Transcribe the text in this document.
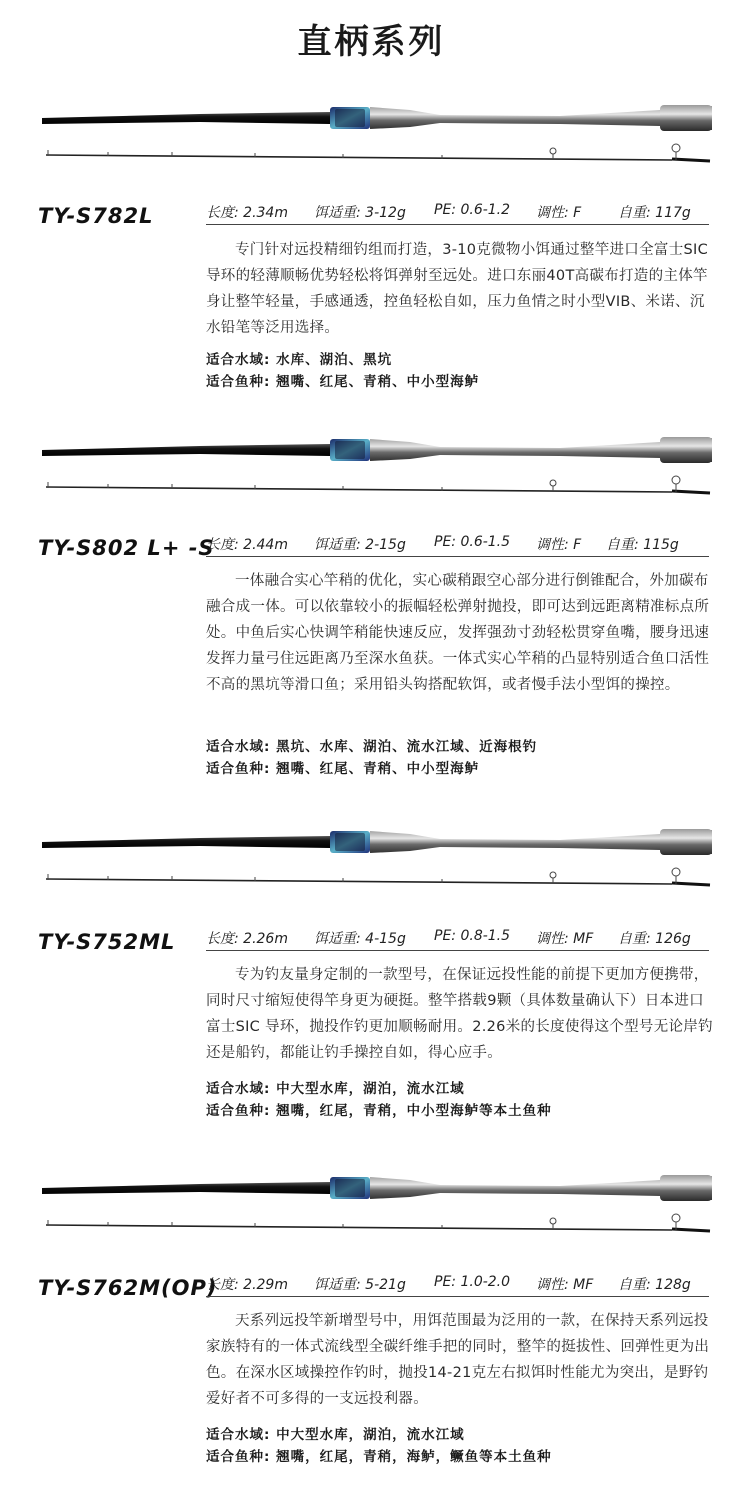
直柄系列
TY-S782L	长度: 2.34m 饵适重: 3-12g PE: 0.6-1.2 调性: F	自重: 117g
专门针对远投精细钓组而打造，3-10克微物小饵通过整竿进口全富士SIC导环的轻薄顺畅优势轻松将饵弹射至远处。进口东丽40T高碳布打造的主体竿身让整竿轻量，手感通透，控鱼轻松自如，压力鱼情之时小型VIB、米诺、沉水铅笔等泛用选择。
适合水域: 水库、湖泊、黑坑
适合鱼种: 翘嘴、红尾、青稍、中小型海鲈
TY-S802 L+ -S
长度: 2.44m 饵适重: 2-15g PE: 0.6-1.5 调性: F 自重: 115g
一体融合实心竿稍的优化，实心碳稍跟空心部分进行倒锥配合，外加碳布融合成一体。可以依靠较小的振幅轻松弹射抛投，即可达到远距离精准标点所处。中鱼后实心快调竿稍能快速反应，发挥强劲寸劲轻松贯穿鱼嘴，腰身迅速发挥力量弓住远距离乃至深水鱼获。一体式实心竿稍的凸显特别适合鱼口活性不高的黑坑等滑口鱼；采用铅头钩搭配软饵，或者慢手法小型饵的操控。
适合水域: 黑坑、水库、湖泊、流水江域、近海根钓
适合鱼种: 翘嘴、红尾、青稍、中小型海鲈
TY-S752ML 长度: 2.26m 饵适重: 4-15g PE: 0.8-1.5 调性: MF 自重: 126g
专为钓友量身定制的一款型号，在保证远投性能的前提下更加方便携带，同时尺寸缩短使得竿身更为硬挺。整竿搭载9颗（具体数量确认下）日本进口富士SIC 导环，抛投作钓更加顺畅耐用。2.26米的长度使得这个型号无论岸钓还是船钓，都能让钓手操控自如，得心应手。
适合水域: 中大型水库，湖泊，流水江域
适合鱼种: 翘嘴，红尾，青稍，中小型海鲈等本土鱼种
TY-S762M(OP)
长度: 2.29m 饵适重: 5-21g PE: 1.0-2.0 调性: MF 自重: 128g
天系列远投竿新增型号中，用饵范围最为泛用的一款，在保持天系列远投家族特有的一体式流线型全碳纤维手把的同时，整竿的挺拔性、回弹性更为出色。在深水区域操控作钓时，抛投14-21克左右拟饵时性能尤为突出，是野钓爱好者不可多得的一支远投利器。
适合水域: 中大型水库，湖泊，流水江域
适合鱼种: 翘嘴，红尾，青稍，海鲈，鳜鱼等本土鱼种
